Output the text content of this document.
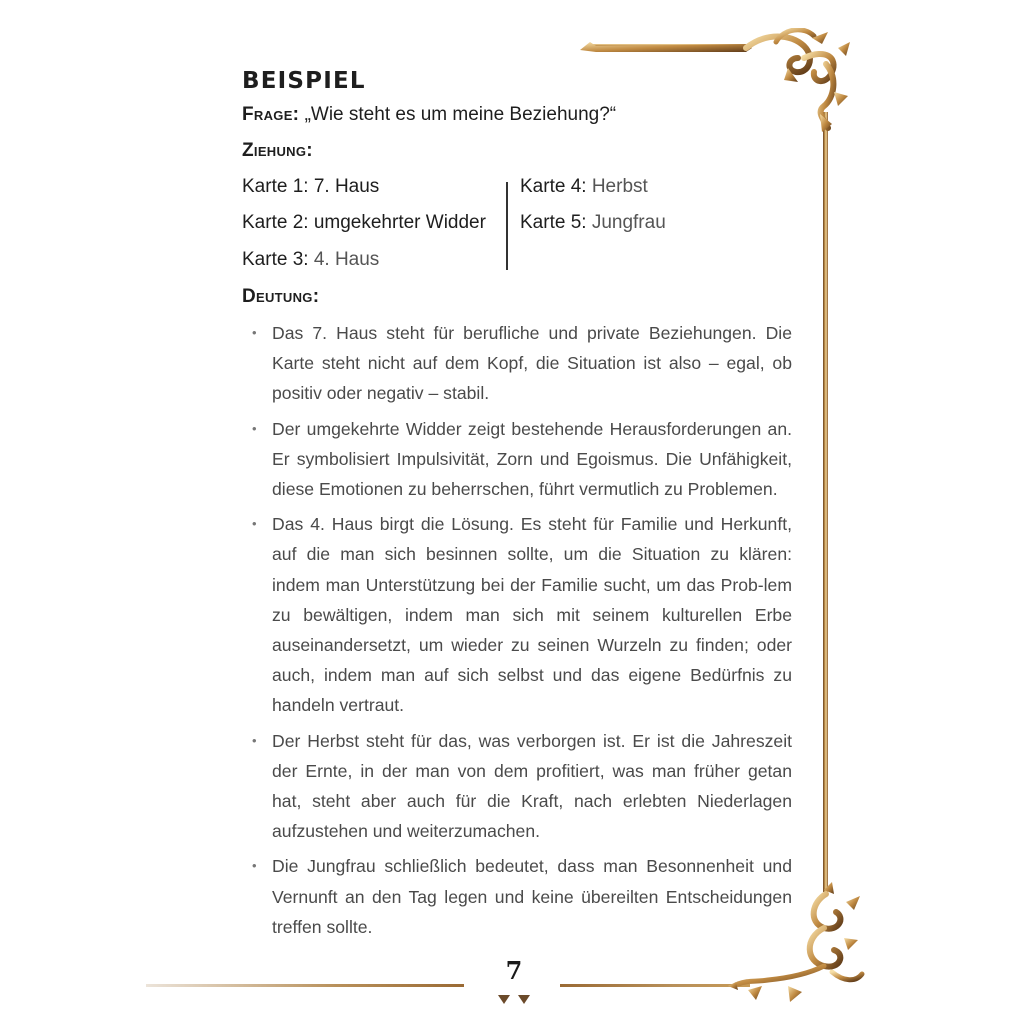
BEISPIEL

Frage: „Wie steht es um meine Beziehung?“

Ziehung:

Karte 1: 7. Haus
Karte 2: umgekehrter Widder
Karte 3: 4. Haus
Karte 4: Herbst
Karte 5: Jungfrau

Deutung:

• Das 7. Haus steht für berufliche und private Beziehungen. Die Karte steht nicht auf dem Kopf, die Situation ist also – egal, ob positiv oder negativ – stabil.
• Der umgekehrte Widder zeigt bestehende Herausforderungen an. Er symbolisiert Impulsivität, Zorn und Egoismus. Die Unfähigkeit, diese Emotionen zu beherrschen, führt vermutlich zu Problemen.
• Das 4. Haus birgt die Lösung. Es steht für Familie und Herkunft, auf die man sich besinnen sollte, um die Situation zu klären: indem man Unterstützung bei der Familie sucht, um das Prob-lem zu bewältigen, indem man sich mit seinem kulturellen Erbe auseinandersetzt, um wieder zu seinen Wurzeln zu finden; oder auch, indem man auf sich selbst und das eigene Bedürfnis zu handeln vertraut.
• Der Herbst steht für das, was verborgen ist. Er ist die Jahreszeit der Ernte, in der man von dem profitiert, was man früher getan hat, steht aber auch für die Kraft, nach erlebten Niederlagen aufzustehen und weiterzumachen.
• Die Jungfrau schließlich bedeutet, dass man Besonnenheit und Vernunft an den Tag legen und keine übereilten Entscheidungen treffen sollte.
7
